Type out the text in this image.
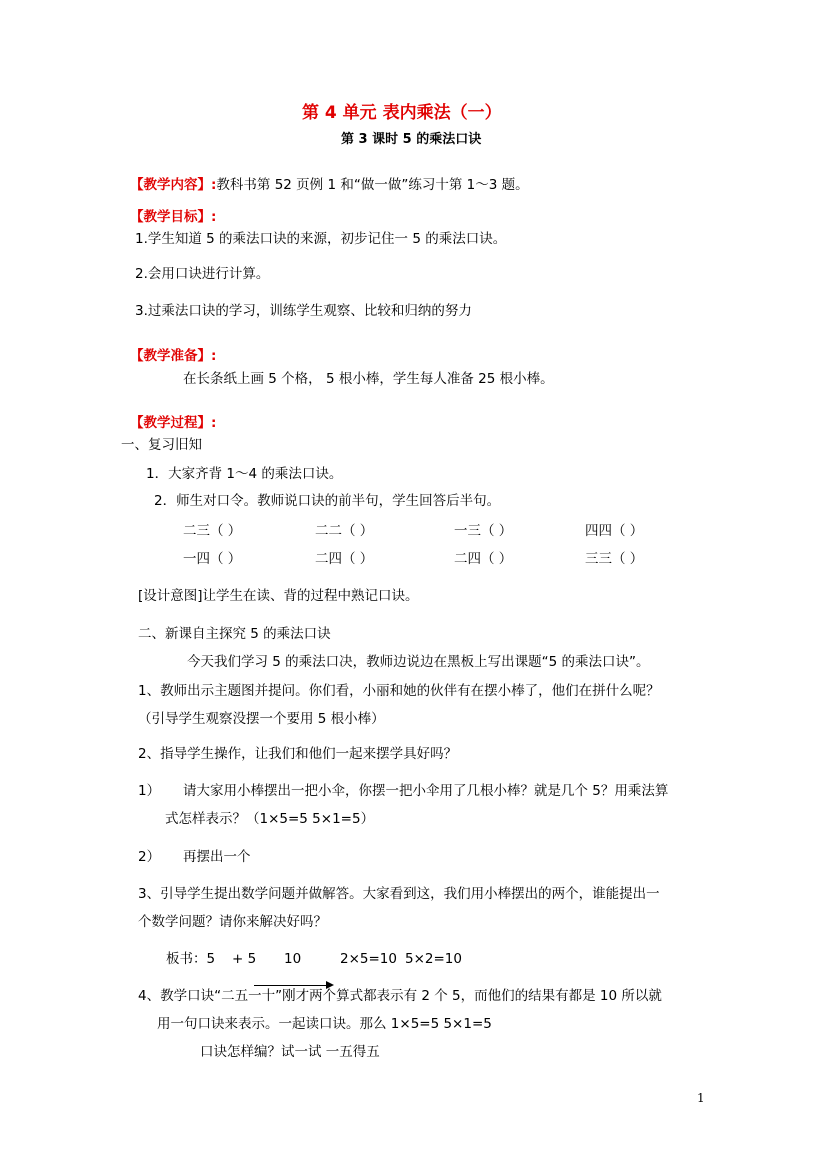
第 4 单元 表内乘法（一）
第 3 课时 5 的乘法口诀
【教学内容】:教科书第 52 页例 1 和“做一做”练习十第 1～3 题。
【教学目标】:
1.学生知道 5 的乘法口诀的来源，初步记住一 5 的乘法口诀。
2.会用口诀进行计算。
3.过乘法口诀的学习，训练学生观察、比较和归纳的努力
【教学准备】:
在长条纸上画 5 个格， 5 根小棒，学生每人准备 25 根小棒。
【教学过程】:
一、复习旧知
1．大家齐背 1～4 的乘法口诀。
2．师生对口令。教师说口诀的前半句，学生回答后半句。
二三（ ）	二二（ ）	一三（ ）	四四（ ）
一四（ ）	二四（ ）	二四（ ）	三三（ ）
[设计意图]让学生在读、背的过程中熟记口诀。
二、新课自主探究 5 的乘法口诀
今天我们学习 5 的乘法口决，教师边说边在黑板上写出课题“5 的乘法口诀”。
1、教师出示主题图并提问。你们看，小丽和她的伙伴有在摆小棒了，他们在拼什么呢？
（引导学生观察没摆一个要用 5 根小棒）
2、指导学生操作，让我们和他们一起来摆学具好吗？
1） 请大家用小棒摆出一把小伞，你摆一把小伞用了几根小棒？就是几个 5？用乘法算
式怎样表示？（1×5=5 5×1=5）
2） 再摆出一个
3、引导学生提出数学问题并做解答。大家看到这，我们用小棒摆出的两个，谁能提出一
个数学问题？请你来解决好吗？
板书：5 + 5 10	2×5=10 5×2=10
4、教学口诀“二五一十”刚才两个算式都表示有 2 个 5，而他们的结果有都是 10 所以就
用一句口诀来表示。一起读口诀。那么 1×5=5 5×1=5
口诀怎样编？试一试 一五得五
1
